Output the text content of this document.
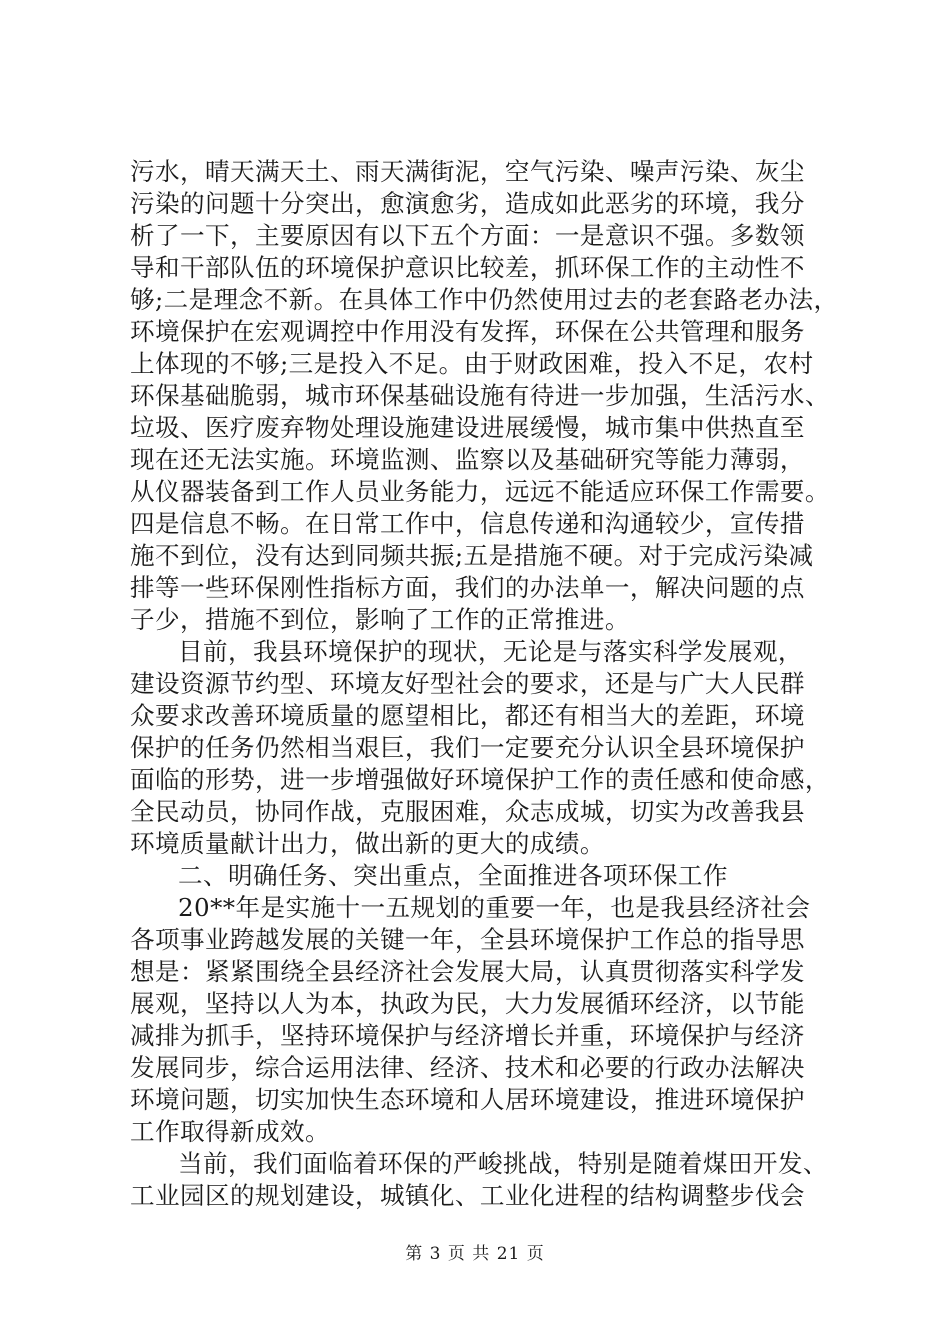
污水，晴天满天土、雨天满街泥，空气污染、噪声污染、灰尘
污染的问题十分突出，愈演愈劣，造成如此恶劣的环境，我分
析了一下，主要原因有以下五个方面：一是意识不强。多数领
导和干部队伍的环境保护意识比较差，抓环保工作的主动性不
够;二是理念不新。在具体工作中仍然使用过去的老套路老办法，
环境保护在宏观调控中作用没有发挥，环保在公共管理和服务
上体现的不够;三是投入不足。由于财政困难，投入不足，农村
环保基础脆弱，城市环保基础设施有待进一步加强，生活污水、
垃圾、医疗废弃物处理设施建设进展缓慢，城市集中供热直至
现在还无法实施。环境监测、监察以及基础研究等能力薄弱，
从仪器装备到工作人员业务能力，远远不能适应环保工作需要。
四是信息不畅。在日常工作中，信息传递和沟通较少，宣传措
施不到位，没有达到同频共振;五是措施不硬。对于完成污染减
排等一些环保刚性指标方面，我们的办法单一，解决问题的点
子少，措施不到位，影响了工作的正常推进。
目前，我县环境保护的现状，无论是与落实科学发展观，
建设资源节约型、环境友好型社会的要求，还是与广大人民群
众要求改善环境质量的愿望相比，都还有相当大的差距，环境
保护的任务仍然相当艰巨，我们一定要充分认识全县环境保护
面临的形势，进一步增强做好环境保护工作的责任感和使命感，
全民动员，协同作战，克服困难，众志成城，切实为改善我县
环境质量献计出力，做出新的更大的成绩。
二、明确任务、突出重点，全面推进各项环保工作
20**年是实施十一五规划的重要一年，也是我县经济社会
各项事业跨越发展的关键一年，全县环境保护工作总的指导思
想是：紧紧围绕全县经济社会发展大局，认真贯彻落实科学发
展观，坚持以人为本，执政为民，大力发展循环经济，以节能
减排为抓手，坚持环境保护与经济增长并重，环境保护与经济
发展同步，综合运用法律、经济、技术和必要的行政办法解决
环境问题，切实加快生态环境和人居环境建设，推进环境保护
工作取得新成效。
当前，我们面临着环保的严峻挑战，特别是随着煤田开发、
工业园区的规划建设，城镇化、工业化进程的结构调整步伐会
第 3 页 共 21 页
